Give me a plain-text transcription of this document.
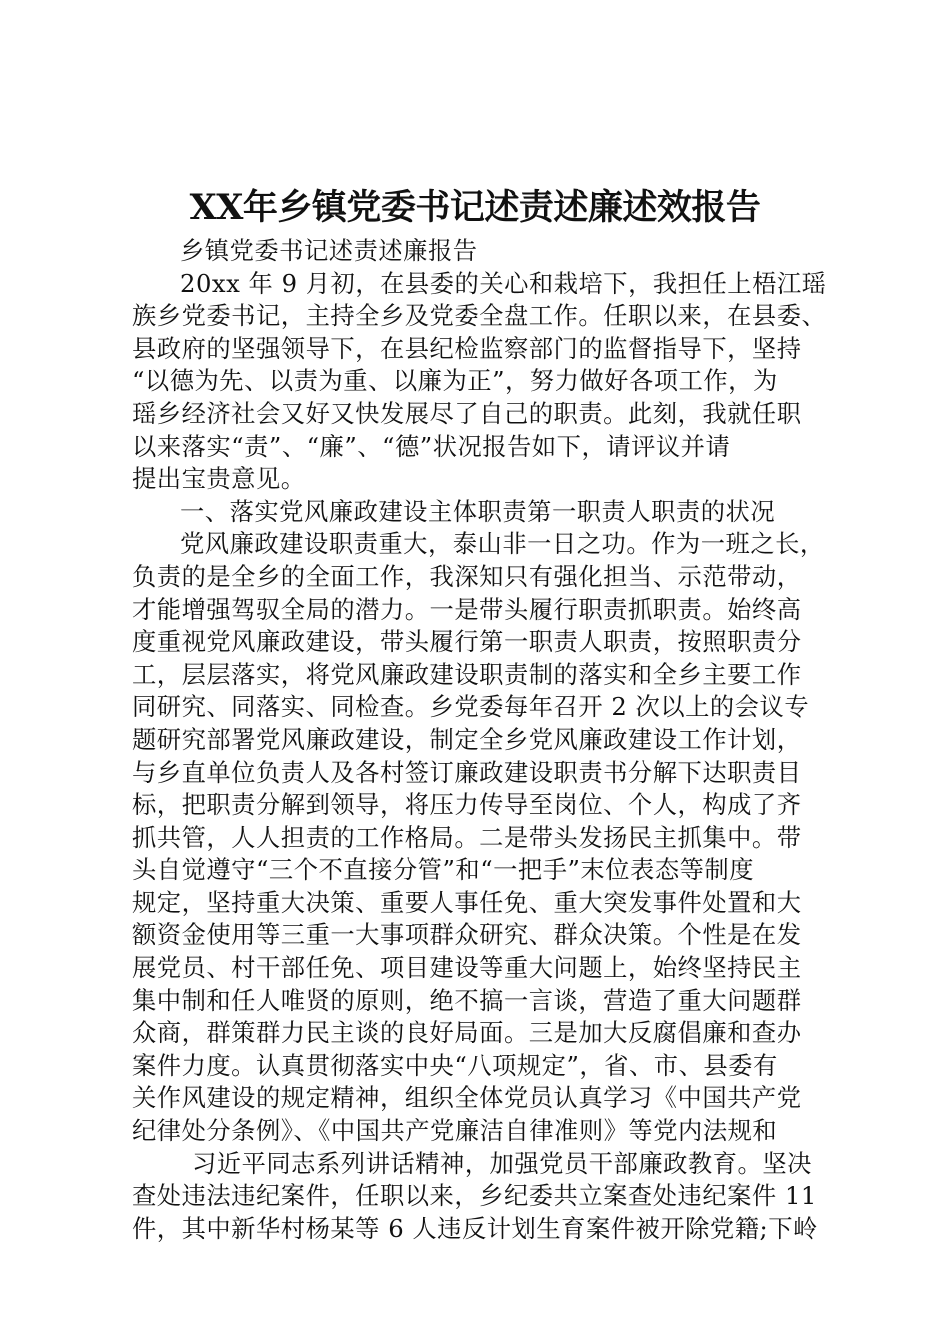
XX年乡镇党委书记述责述廉述效报告
乡镇党委书记述责述廉报告
20xx 年 9 月初，在县委的关心和栽培下，我担任上梧江瑶
族乡党委书记，主持全乡及党委全盘工作。任职以来，在县委、
县政府的坚强领导下，在县纪检监察部门的监督指导下，坚持
“以德为先、以责为重、以廉为正”，努力做好各项工作，为
瑶乡经济社会又好又快发展尽了自己的职责。此刻，我就任职
以来落实“责”、“廉”、“德”状况报告如下，请评议并请
提出宝贵意见。
一、落实党风廉政建设主体职责第一职责人职责的状况
党风廉政建设职责重大，泰山非一日之功。作为一班之长，
负责的是全乡的全面工作，我深知只有强化担当、示范带动，
才能增强驾驭全局的潜力。一是带头履行职责抓职责。始终高
度重视党风廉政建设，带头履行第一职责人职责，按照职责分
工，层层落实，将党风廉政建设职责制的落实和全乡主要工作
同研究、同落实、同检查。乡党委每年召开 2 次以上的会议专
题研究部署党风廉政建设，制定全乡党风廉政建设工作计划，
与乡直单位负责人及各村签订廉政建设职责书分解下达职责目
标，把职责分解到领导，将压力传导至岗位、个人，构成了齐
抓共管，人人担责的工作格局。二是带头发扬民主抓集中。带
头自觉遵守“三个不直接分管”和“一把手”末位表态等制度
规定，坚持重大决策、重要人事任免、重大突发事件处置和大
额资金使用等三重一大事项群众研究、群众决策。个性是在发
展党员、村干部任免、项目建设等重大问题上，始终坚持民主
集中制和任人唯贤的原则，绝不搞一言谈，营造了重大问题群
众商，群策群力民主谈的良好局面。三是加大反腐倡廉和查办
案件力度。认真贯彻落实中央“八项规定”，省、市、县委有
关作风建设的规定精神，组织全体党员认真学习《中国共产党
纪律处分条例》、《中国共产党廉洁自律准则》等党内法规和
习近平同志系列讲话精神，加强党员干部廉政教育。坚决
查处违法违纪案件，任职以来，乡纪委共立案查处违纪案件 11
件，其中新华村杨某等 6 人违反计划生育案件被开除党籍;下岭
